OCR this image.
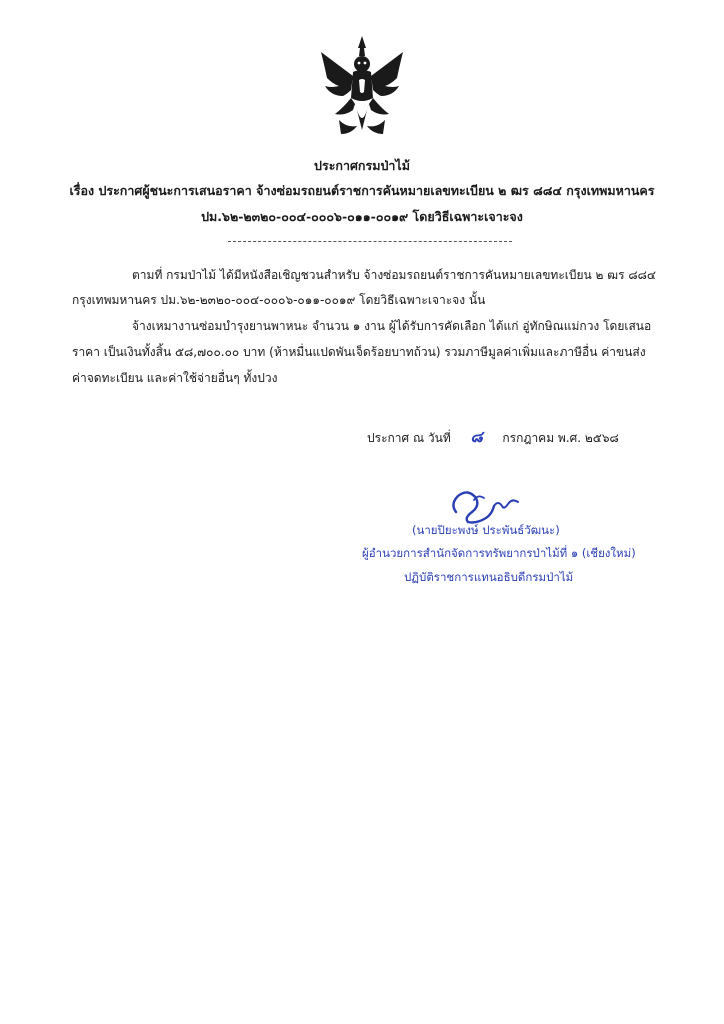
ประกาศกรมป่าไม้
เรื่อง ประกาศผู้ชนะการเสนอราคา จ้างซ่อมรถยนต์ราชการคันหมายเลขทะเบียน ๒ ฒร ๘๘๔ กรุงเทพมหานคร
ปม.๖๒-๒๓๒๐-๐๐๔-๐๐๐๖-๐๑๑-๐๐๑๙ โดยวิธีเฉพาะเจาะจง
ตามที่ กรมป่าไม้ ได้มีหนังสือเชิญชวนสำหรับ จ้างซ่อมรถยนต์ราชการคันหมายเลขทะเบียน ๒ ฒร ๘๘๔
กรุงเทพมหานคร ปม.๖๒-๒๓๒๐-๐๐๔-๐๐๐๖-๐๑๑-๐๐๑๙ โดยวิธีเฉพาะเจาะจง นั้น
จ้างเหมางานซ่อมบำรุงยานพาหนะ จำนวน ๑ งาน ผู้ได้รับการคัดเลือก ได้แก่ อู่ทักษิณแม่กวง โดยเสนอ
ราคา เป็นเงินทั้งสิ้น ๕๘,๗๐๐.๐๐ บาท (ห้าหมื่นแปดพันเจ็ดร้อยบาทถ้วน) รวมภาษีมูลค่าเพิ่มและภาษีอื่น ค่าขนส่ง
ค่าจดทะเบียน และค่าใช้จ่ายอื่นๆ ทั้งปวง
ประกาศ ณ วันที่ ๘ กรกฎาคม พ.ศ. ๒๕๖๘
(นายปิยะพงษ์ ประพันธ์วัฒนะ)
ผู้อำนวยการสำนักจัดการทรัพยากรป่าไม้ที่ ๑ (เชียงใหม่)
ปฏิบัติราชการแทนอธิบดีกรมป่าไม้
